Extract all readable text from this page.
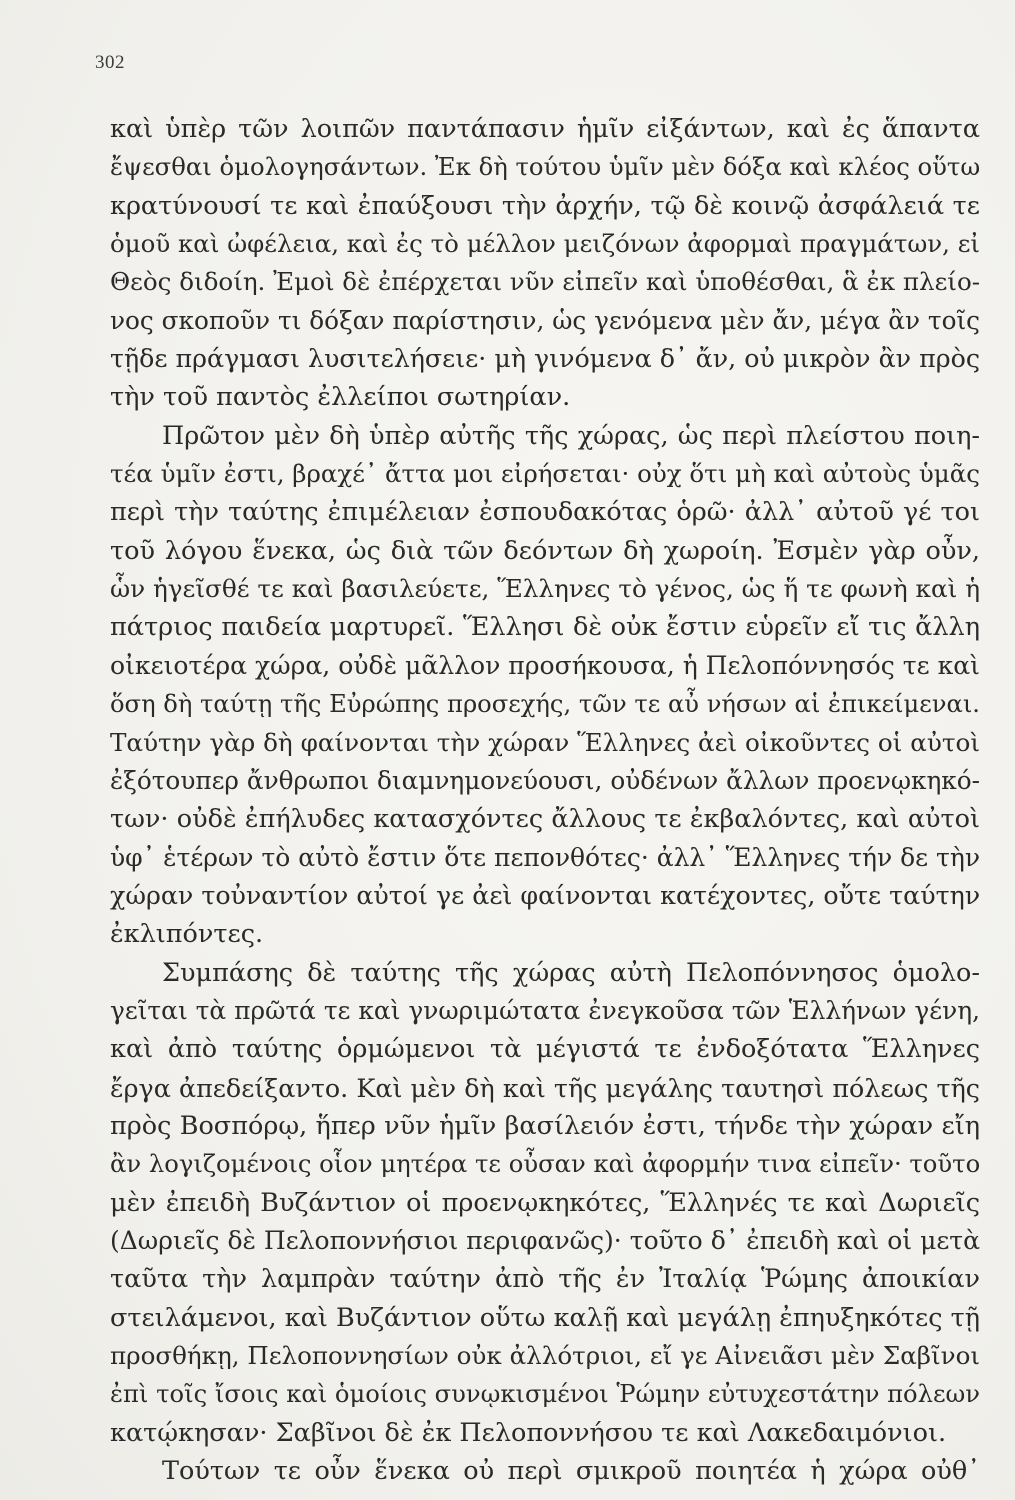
302
καὶ ὑπὲρ τῶν λοιπῶν παντάπασιν ἡμῖν εἰξάντων, καὶ ἐς ἅπαντα
ἔψεσθαι ὁμολογησάντων. Ἐκ δὴ τούτου ὑμῖν μὲν δόξα καὶ κλέος οὕτω
κρατύνουσί τε καὶ ἐπαύξουσι τὴν ἀρχήν, τῷ δὲ κοινῷ ἀσφάλειά τε
ὁμοῦ καὶ ὠφέλεια, καὶ ἐς τὸ μέλλον μειζόνων ἀφορμαὶ πραγμάτων, εἰ
Θεὸς διδοίη. Ἐμοὶ δὲ ἐπέρχεται νῦν εἰπεῖν καὶ ὑποθέσθαι, ἃ ἐκ πλείο-
νος σκοποῦν τι δόξαν παρίστησιν, ὡς γενόμενα μὲν ἄν, μέγα ἂν τοῖς
τῇδε πράγμασι λυσιτελήσειε· μὴ γινόμενα δ᾽ ἄν, οὐ μικρὸν ἂν πρὸς
τὴν τοῦ παντὸς ἐλλείποι σωτηρίαν.
Πρῶτον μὲν δὴ ὑπὲρ αὐτῆς τῆς χώρας, ὡς περὶ πλείστου ποιη-
τέα ὑμῖν ἐστι, βραχέ᾽ ἄττα μοι εἰρήσεται· οὐχ ὅτι μὴ καὶ αὐτοὺς ὑμᾶς
περὶ τὴν ταύτης ἐπιμέλειαν ἐσπουδακότας ὁρῶ· ἀλλ᾽ αὐτοῦ γέ τοι
τοῦ λόγου ἕνεκα, ὡς διὰ τῶν δεόντων δὴ χωροίη. Ἐσμὲν γὰρ οὖν,
ὧν ἡγεῖσθέ τε καὶ βασιλεύετε, Ἕλληνες τὸ γένος, ὡς ἥ τε φωνὴ καὶ ἡ
πάτριος παιδεία μαρτυρεῖ. Ἕλλησι δὲ οὐκ ἔστιν εὑρεῖν εἴ τις ἄλλη
οἰκειοτέρα χώρα, οὐδὲ μᾶλλον προσήκουσα, ἡ Πελοπόννησός τε καὶ
ὅση δὴ ταύτῃ τῆς Εὐρώπης προσεχής, τῶν τε αὖ νήσων αἱ ἐπικείμεναι.
Ταύτην γὰρ δὴ φαίνονται τὴν χώραν Ἕλληνες ἀεὶ οἰκοῦντες οἱ αὐτοὶ
ἐξότουπερ ἄνθρωποι διαμνημονεύουσι, οὐδένων ἄλλων προενῳκηκό-
των· οὐδὲ ἐπήλυδες κατασχόντες ἄλλους τε ἐκβαλόντες, καὶ αὐτοὶ
ὑφ᾽ ἑτέρων τὸ αὐτὸ ἔστιν ὅτε πεπονθότες· ἀλλ᾽ Ἕλληνες τήν δε τὴν
χώραν τοὐναντίον αὐτοί γε ἀεὶ φαίνονται κατέχοντες, οὔτε ταύτην
ἐκλιπόντες.
Συμπάσης δὲ ταύτης τῆς χώρας αὐτὴ Πελοπόννησος ὁμολο-
γεῖται τὰ πρῶτά τε καὶ γνωριμώτατα ἐνεγκοῦσα τῶν Ἑλλήνων γένη,
καὶ ἀπὸ ταύτης ὁρμώμενοι τὰ μέγιστά τε ἐνδοξότατα Ἕλληνες
ἔργα ἀπεδείξαντο. Καὶ μὲν δὴ καὶ τῆς μεγάλης ταυτησὶ πόλεως τῆς
πρὸς Βοσπόρῳ, ἥπερ νῦν ἡμῖν βασίλειόν ἐστι, τήνδε τὴν χώραν εἴη
ἂν λογιζομένοις οἷον μητέρα τε οὖσαν καὶ ἀφορμήν τινα εἰπεῖν· τοῦτο
μὲν ἐπειδὴ Βυζάντιον οἱ προενῳκηκότες, Ἕλληνές τε καὶ Δωριεῖς
(Δωριεῖς δὲ Πελοποννήσιοι περιφανῶς)· τοῦτο δ᾽ ἐπειδὴ καὶ οἱ μετὰ
ταῦτα τὴν λαμπρὰν ταύτην ἀπὸ τῆς ἐν Ἰταλίᾳ Ῥώμης ἀποικίαν
στειλάμενοι, καὶ Βυζάντιον οὕτω καλῇ καὶ μεγάλῃ ἐπηυξηκότες τῇ
προσθήκῃ, Πελοποννησίων οὐκ ἀλλότριοι, εἴ γε Αἰνειᾶσι μὲν Σαβῖνοι
ἐπὶ τοῖς ἴσοις καὶ ὁμοίοις συνῳκισμένοι Ῥώμην εὐτυχεστάτην πόλεων
κατῴκησαν· Σαβῖνοι δὲ ἐκ Πελοποννήσου τε καὶ Λακεδαιμόνιοι.
Τούτων τε οὖν ἕνεκα οὐ περὶ σμικροῦ ποιητέα ἡ χώρα οὐθ᾽
